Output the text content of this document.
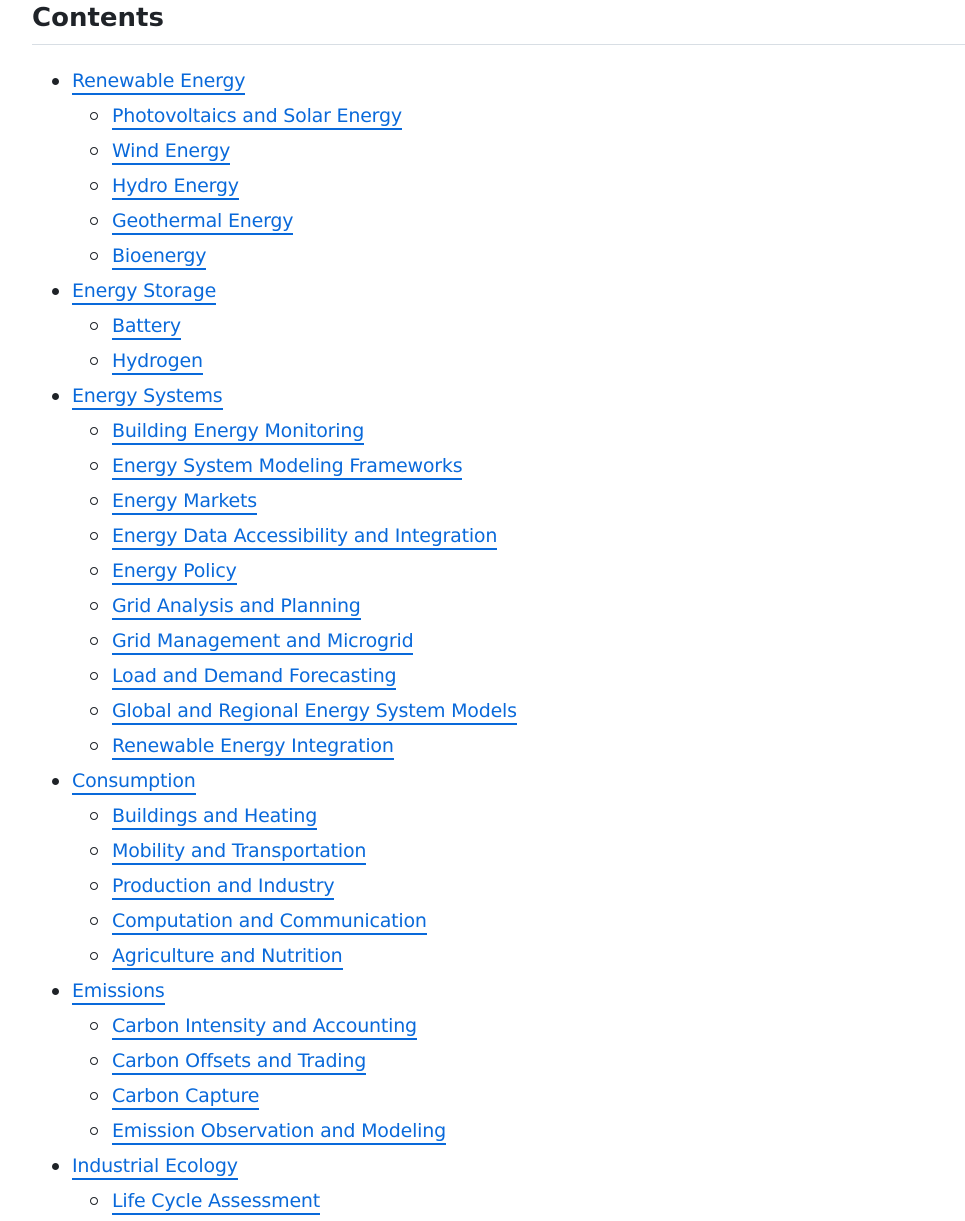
Contents
Renewable Energy
Photovoltaics and Solar Energy
Wind Energy
Hydro Energy
Geothermal Energy
Bioenergy
Energy Storage
Battery
Hydrogen
Energy Systems
Building Energy Monitoring
Energy System Modeling Frameworks
Energy Markets
Energy Data Accessibility and Integration
Energy Policy
Grid Analysis and Planning
Grid Management and Microgrid
Load and Demand Forecasting
Global and Regional Energy System Models
Renewable Energy Integration
Consumption
Buildings and Heating
Mobility and Transportation
Production and Industry
Computation and Communication
Agriculture and Nutrition
Emissions
Carbon Intensity and Accounting
Carbon Offsets and Trading
Carbon Capture
Emission Observation and Modeling
Industrial Ecology
Life Cycle Assessment
